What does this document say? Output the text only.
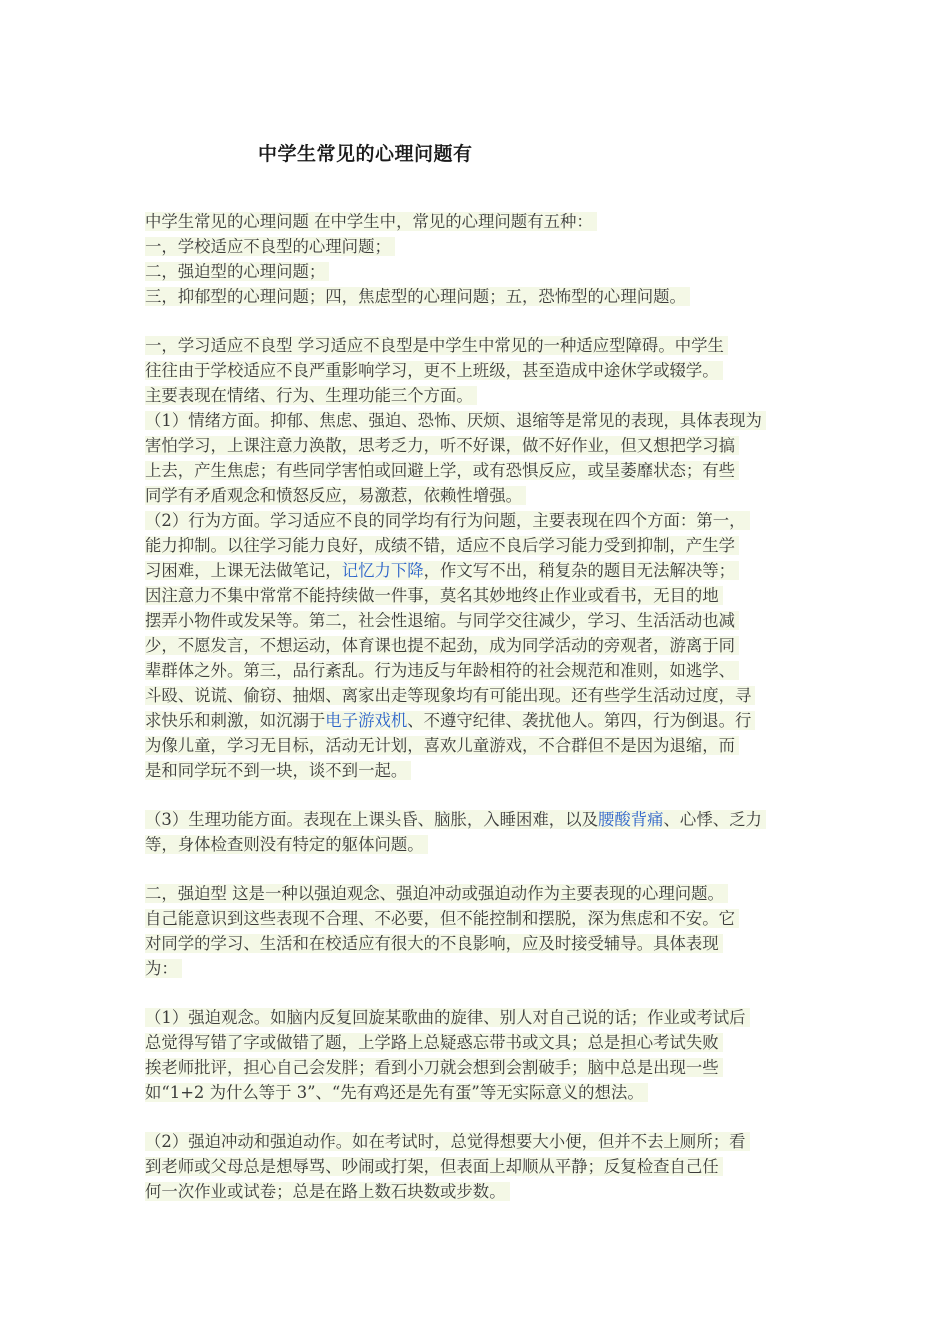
中学生常见的心理问题有
中学生常见的心理问题 在中学生中，常见的心理问题有五种：
一，学校适应不良型的心理问题；
二，强迫型的心理问题；
三，抑郁型的心理问题；四，焦虑型的心理问题；五，恐怖型的心理问题。
一，学习适应不良型 学习适应不良型是中学生中常见的一种适应型障碍。中学生
往往由于学校适应不良严重影响学习，更不上班级，甚至造成中途休学或辍学。
主要表现在情绪、行为、生理功能三个方面。
（1）情绪方面。抑郁、焦虑、强迫、恐怖、厌烦、退缩等是常见的表现，具体表现为
害怕学习，上课注意力涣散，思考乏力，听不好课，做不好作业，但又想把学习搞
上去，产生焦虑；有些同学害怕或回避上学，或有恐惧反应，或呈萎靡状态；有些
同学有矛盾观念和愤怒反应，易激惹，依赖性增强。
（2）行为方面。学习适应不良的同学均有行为问题，主要表现在四个方面：第一，
能力抑制。以往学习能力良好，成绩不错，适应不良后学习能力受到抑制，产生学
习困难，上课无法做笔记，记忆力下降，作文写不出，稍复杂的题目无法解决等；
因注意力不集中常常不能持续做一件事，莫名其妙地终止作业或看书，无目的地
摆弄小物件或发呆等。第二，社会性退缩。与同学交往减少，学习、生活活动也减
少，不愿发言，不想运动，体育课也提不起劲，成为同学活动的旁观者，游离于同
辈群体之外。第三，品行紊乱。行为违反与年龄相符的社会规范和准则，如逃学、
斗殴、说谎、偷窃、抽烟、离家出走等现象均有可能出现。还有些学生活动过度，寻
求快乐和刺激，如沉溺于电子游戏机、不遵守纪律、袭扰他人。第四，行为倒退。行
为像儿童，学习无目标，活动无计划，喜欢儿童游戏，不合群但不是因为退缩，而
是和同学玩不到一块，谈不到一起。
（3）生理功能方面。表现在上课头昏、脑胀，入睡困难，以及腰酸背痛、心悸、乏力
等，身体检查则没有特定的躯体问题。
二，强迫型 这是一种以强迫观念、强迫冲动或强迫动作为主要表现的心理问题。
自己能意识到这些表现不合理、不必要，但不能控制和摆脱，深为焦虑和不安。它
对同学的学习、生活和在校适应有很大的不良影响，应及时接受辅导。具体表现
为：
（1）强迫观念。如脑内反复回旋某歌曲的旋律、别人对自己说的话；作业或考试后
总觉得写错了字或做错了题，上学路上总疑惑忘带书或文具；总是担心考试失败
挨老师批评，担心自己会发胖；看到小刀就会想到会割破手；脑中总是出现一些
如“1+2 为什么等于 3”、“先有鸡还是先有蛋”等无实际意义的想法。
（2）强迫冲动和强迫动作。如在考试时，总觉得想要大小便，但并不去上厕所；看
到老师或父母总是想辱骂、吵闹或打架，但表面上却顺从平静；反复检查自己任
何一次作业或试卷；总是在路上数石块数或步数。
